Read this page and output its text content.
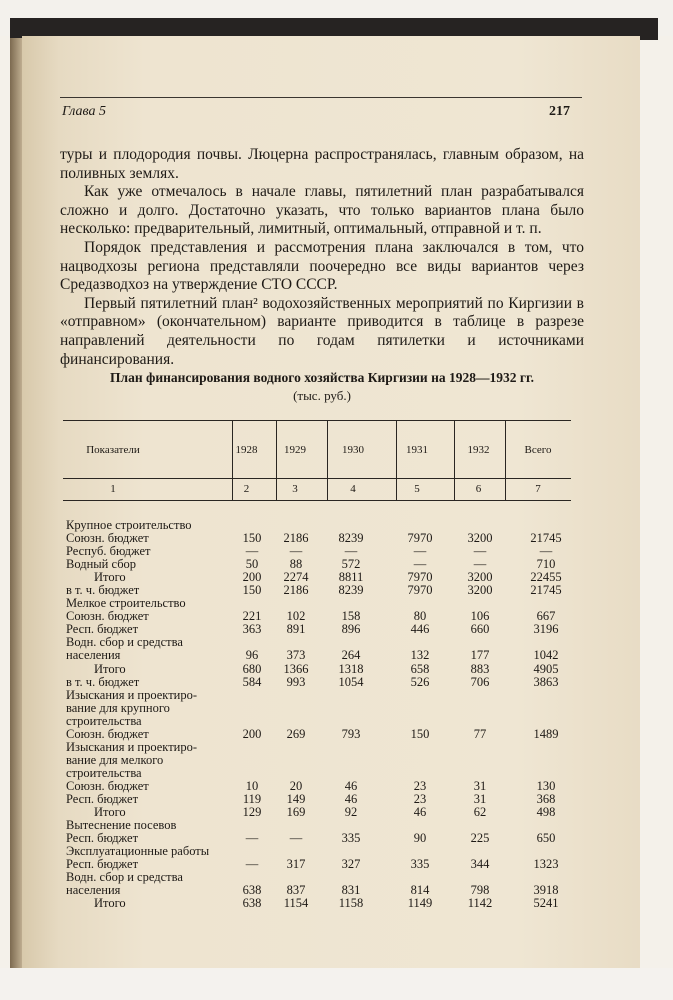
Глава 5	217

туры и плодородия почвы. Люцерна распространялась, главным образом, на поливных землях.

Как уже отмечалось в начале главы, пятилетний план разрабатывался сложно и долго. Достаточно указать, что только вариантов плана было несколько: предварительный, лимитный, оптимальный, отправной и т. п.

Порядок представления и рассмотрения плана заключался в том, что нацводхозы региона представляли поочередно все виды вариантов через Средазводхоз на утверждение СТО СССР.

Первый пятилетний план² водохозяйственных мероприятий по Киргизии в «отправном» (окончательном) варианте приводится в таблице в разрезе направлений деятельности по годам пятилетки и источниками финансирования.

План финансирования водного хозяйства Киргизии на 1928—1932 гг.
(тыс. руб.)
Показатели	1928	1929	1930	1931	1932	Всего
1	2	3	4	5	6	7
Крупное строительство
Союзн. бюджет	150	2186	8239	7970	3200	21745
Респуб. бюджет	—	—	—	—	—	—
Водный сбор	50	88	572	—	—	710
Итого	200	2274	8811	7970	3200	22455
в т. ч. бюджет	150	2186	8239	7970	3200	21745
Мелкое строительство
Союзн. бюджет	221	102	158	80	106	667
Респ. бюджет	363	891	896	446	660	3196
Водн. сбор и средства
населения	96	373	264	132	177	1042
Итого	680	1366	1318	658	883	4905
в т. ч. бюджет	584	993	1054	526	706	3863
Изыскания и проектиро-
вание для крупного
строительства
Союзн. бюджет	200	269	793	150	77	1489
Изыскания и проектиро-
вание для мелкого
строительства
Союзн. бюджет	10	20	46	23	31	130
Респ. бюджет	119	149	46	23	31	368
Итого	129	169	92	46	62	498
Вытеснение посевов
Респ. бюджет	—	—	335	90	225	650
Эксплуатационные работы
Респ. бюджет	—	317	327	335	344	1323
Водн. сбор и средства
населения	638	837	831	814	798	3918
Итого	638	1154	1158	1149	1142	5241
